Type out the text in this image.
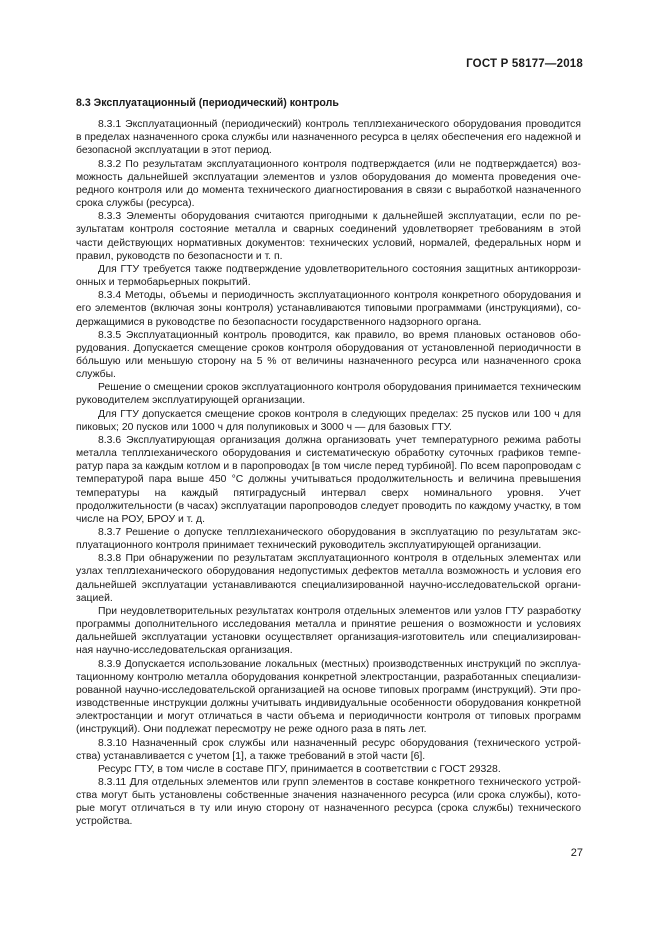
ГОСТ Р 58177—2018
8.3 Эксплуатационный (периодический) контроль

8.3.1 Эксплуатационный (периодический) контроль теплומеханического оборудования проводится в пределах назначенного срока службы или назначенного ресурса в целях обеспечения его надежной и безопасной эксплуатации в этот период.

8.3.2 По результатам эксплуатационного контроля подтверждается (или не подтверждается) возможность дальнейшей эксплуатации элементов и узлов оборудования до момента проведения очередного контроля или до момента технического диагностирования в связи с выработкой назначенного срока службы (ресурса).

8.3.3 Элементы оборудования считаются пригодными к дальнейшей эксплуатации, если по результатам контроля состояние металла и сварных соединений удовлетворяет требованиям в этой части действующих нормативных документов: технических условий, нормалей, федеральных норм и правил, руководств по безопасности и т. п.

Для ГТУ требуется также подтверждение удовлетворительного состояния защитных антикоррозионных и термобарьерных покрытий.

8.3.4 Методы, объемы и периодичность эксплуатационного контроля конкретного оборудования и его элементов (включая зоны контроля) устанавливаются типовыми программами (инструкциями), содержащимися в руководстве по безопасности государственного надзорного органа.

8.3.5 Эксплуатационный контроль проводится, как правило, во время плановых остановов оборудования. Допускается смещение сроков контроля оборудования от установленной периодичности в бо́льшую или меньшую сторону на 5 % от величины назначенного ресурса или назначенного срока службы.

Решение о смещении сроков эксплуатационного контроля оборудования принимается техническим руководителем эксплуатирующей организации.

Для ГТУ допускается смещение сроков контроля в следующих пределах: 25 пусков или 100 ч для пиковых; 20 пусков или 1000 ч для полупиковых и 3000 ч — для базовых ГТУ.

8.3.6 Эксплуатирующая организация должна организовать учет температурного режима работы металла теплומеханического оборудования и систематическую обработку суточных графиков температур пара за каждым котлом и в паропроводах [в том числе перед турбиной]. По всем паропроводам с температурой пара выше 450 °С должны учитываться продолжительность и величина превышения температуры на каждый пятиградусный интервал сверх номинального уровня. Учет продолжительности (в часах) эксплуатации паропроводов следует проводить по каждому участку, в том числе на РОУ, БРОУ и т. д.

8.3.7 Решение о допуске теплומеханического оборудования в эксплуатацию по результатам эксплуатационного контроля принимает технический руководитель эксплуатирующей организации.

8.3.8 При обнаружении по результатам эксплуатационного контроля в отдельных элементах или узлах теплומеханического оборудования недопустимых дефектов металла возможность и условия его дальнейшей эксплуатации устанавливаются специализированной научно-исследовательской организацией.

При неудовлетворительных результатах контроля отдельных элементов или узлов ГТУ разработку программы дополнительного исследования металла и принятие решения о возможности и условиях дальнейшей эксплуатации установки осуществляет организация-изготовитель или специализированная научно-исследовательская организация.

8.3.9 Допускается использование локальных (местных) производственных инструкций по эксплуатационному контролю металла оборудования конкретной электростанции, разработанных специализированной научно-исследовательской организацией на основе типовых программ (инструкций). Эти производственные инструкции должны учитывать индивидуальные особенности оборудования конкретной электростанции и могут отличаться в части объема и периодичности контроля от типовых программ (инструкций). Они подлежат пересмотру не реже одного раза в пять лет.

8.3.10 Назначенный срок службы или назначенный ресурс оборудования (технического устройства) устанавливается с учетом [1], а также требований в этой части [6].

Ресурс ГТУ, в том числе в составе ПГУ, принимается в соответствии с ГОСТ 29328.

8.3.11 Для отдельных элементов или групп элементов в составе конкретного технического устройства могут быть установлены собственные значения назначенного ресурса (или срока службы), которые могут отличаться в ту или иную сторону от назначенного ресурса (срока службы) технического устройства.

27
